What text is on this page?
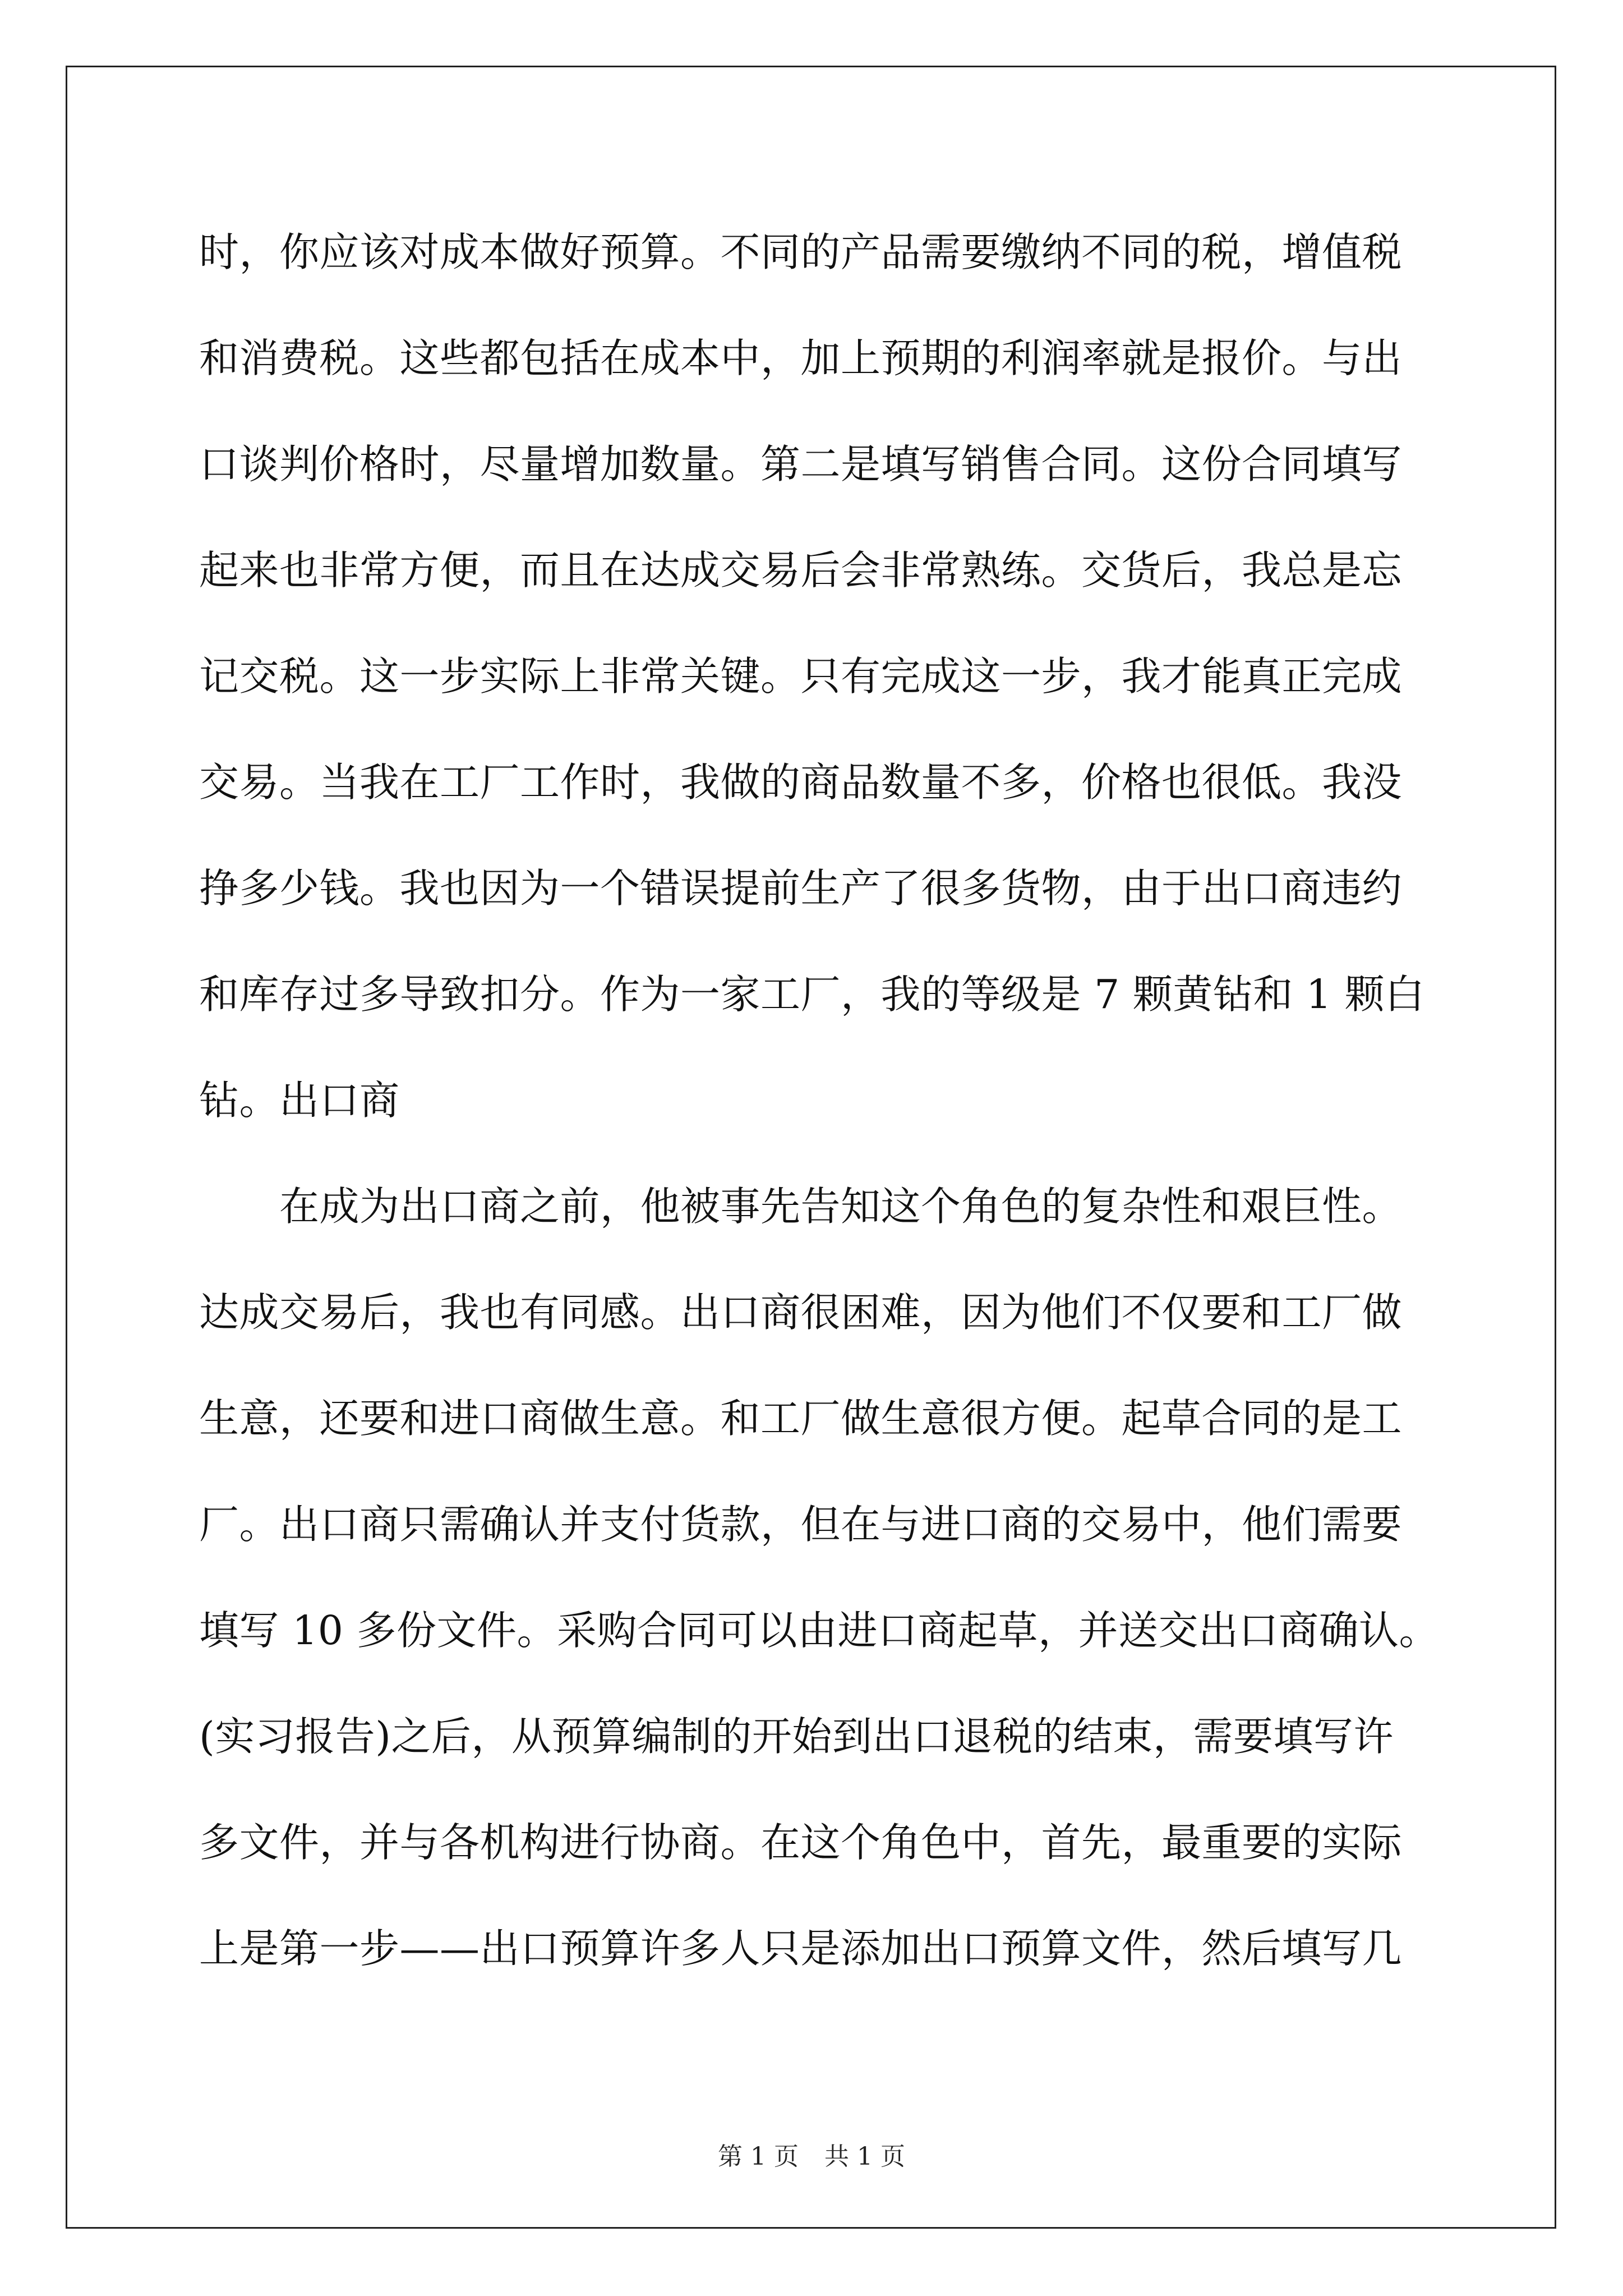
时，你应该对成本做好预算。不同的产品需要缴纳不同的税，增值税
和消费税。这些都包括在成本中，加上预期的利润率就是报价。与出
口谈判价格时，尽量增加数量。第二是填写销售合同。这份合同填写
起来也非常方便，而且在达成交易后会非常熟练。交货后，我总是忘
记交税。这一步实际上非常关键。只有完成这一步，我才能真正完成
交易。当我在工厂工作时，我做的商品数量不多，价格也很低。我没
挣多少钱。我也因为一个错误提前生产了很多货物，由于出口商违约
和库存过多导致扣分。作为一家工厂，我的等级是 7 颗黄钻和 1 颗白
钻。出口商
在成为出口商之前，他被事先告知这个角色的复杂性和艰巨性。
达成交易后，我也有同感。出口商很困难，因为他们不仅要和工厂做
生意，还要和进口商做生意。和工厂做生意很方便。起草合同的是工
厂。出口商只需确认并支付货款，但在与进口商的交易中，他们需要
填写 10 多份文件。采购合同可以由进口商起草，并送交出口商确认。
(实习报告)之后，从预算编制的开始到出口退税的结束，需要填写许
多文件，并与各机构进行协商。在这个角色中，首先，最重要的实际
上是第一步——出口预算许多人只是添加出口预算文件，然后填写几
第 1 页 共 1 页
